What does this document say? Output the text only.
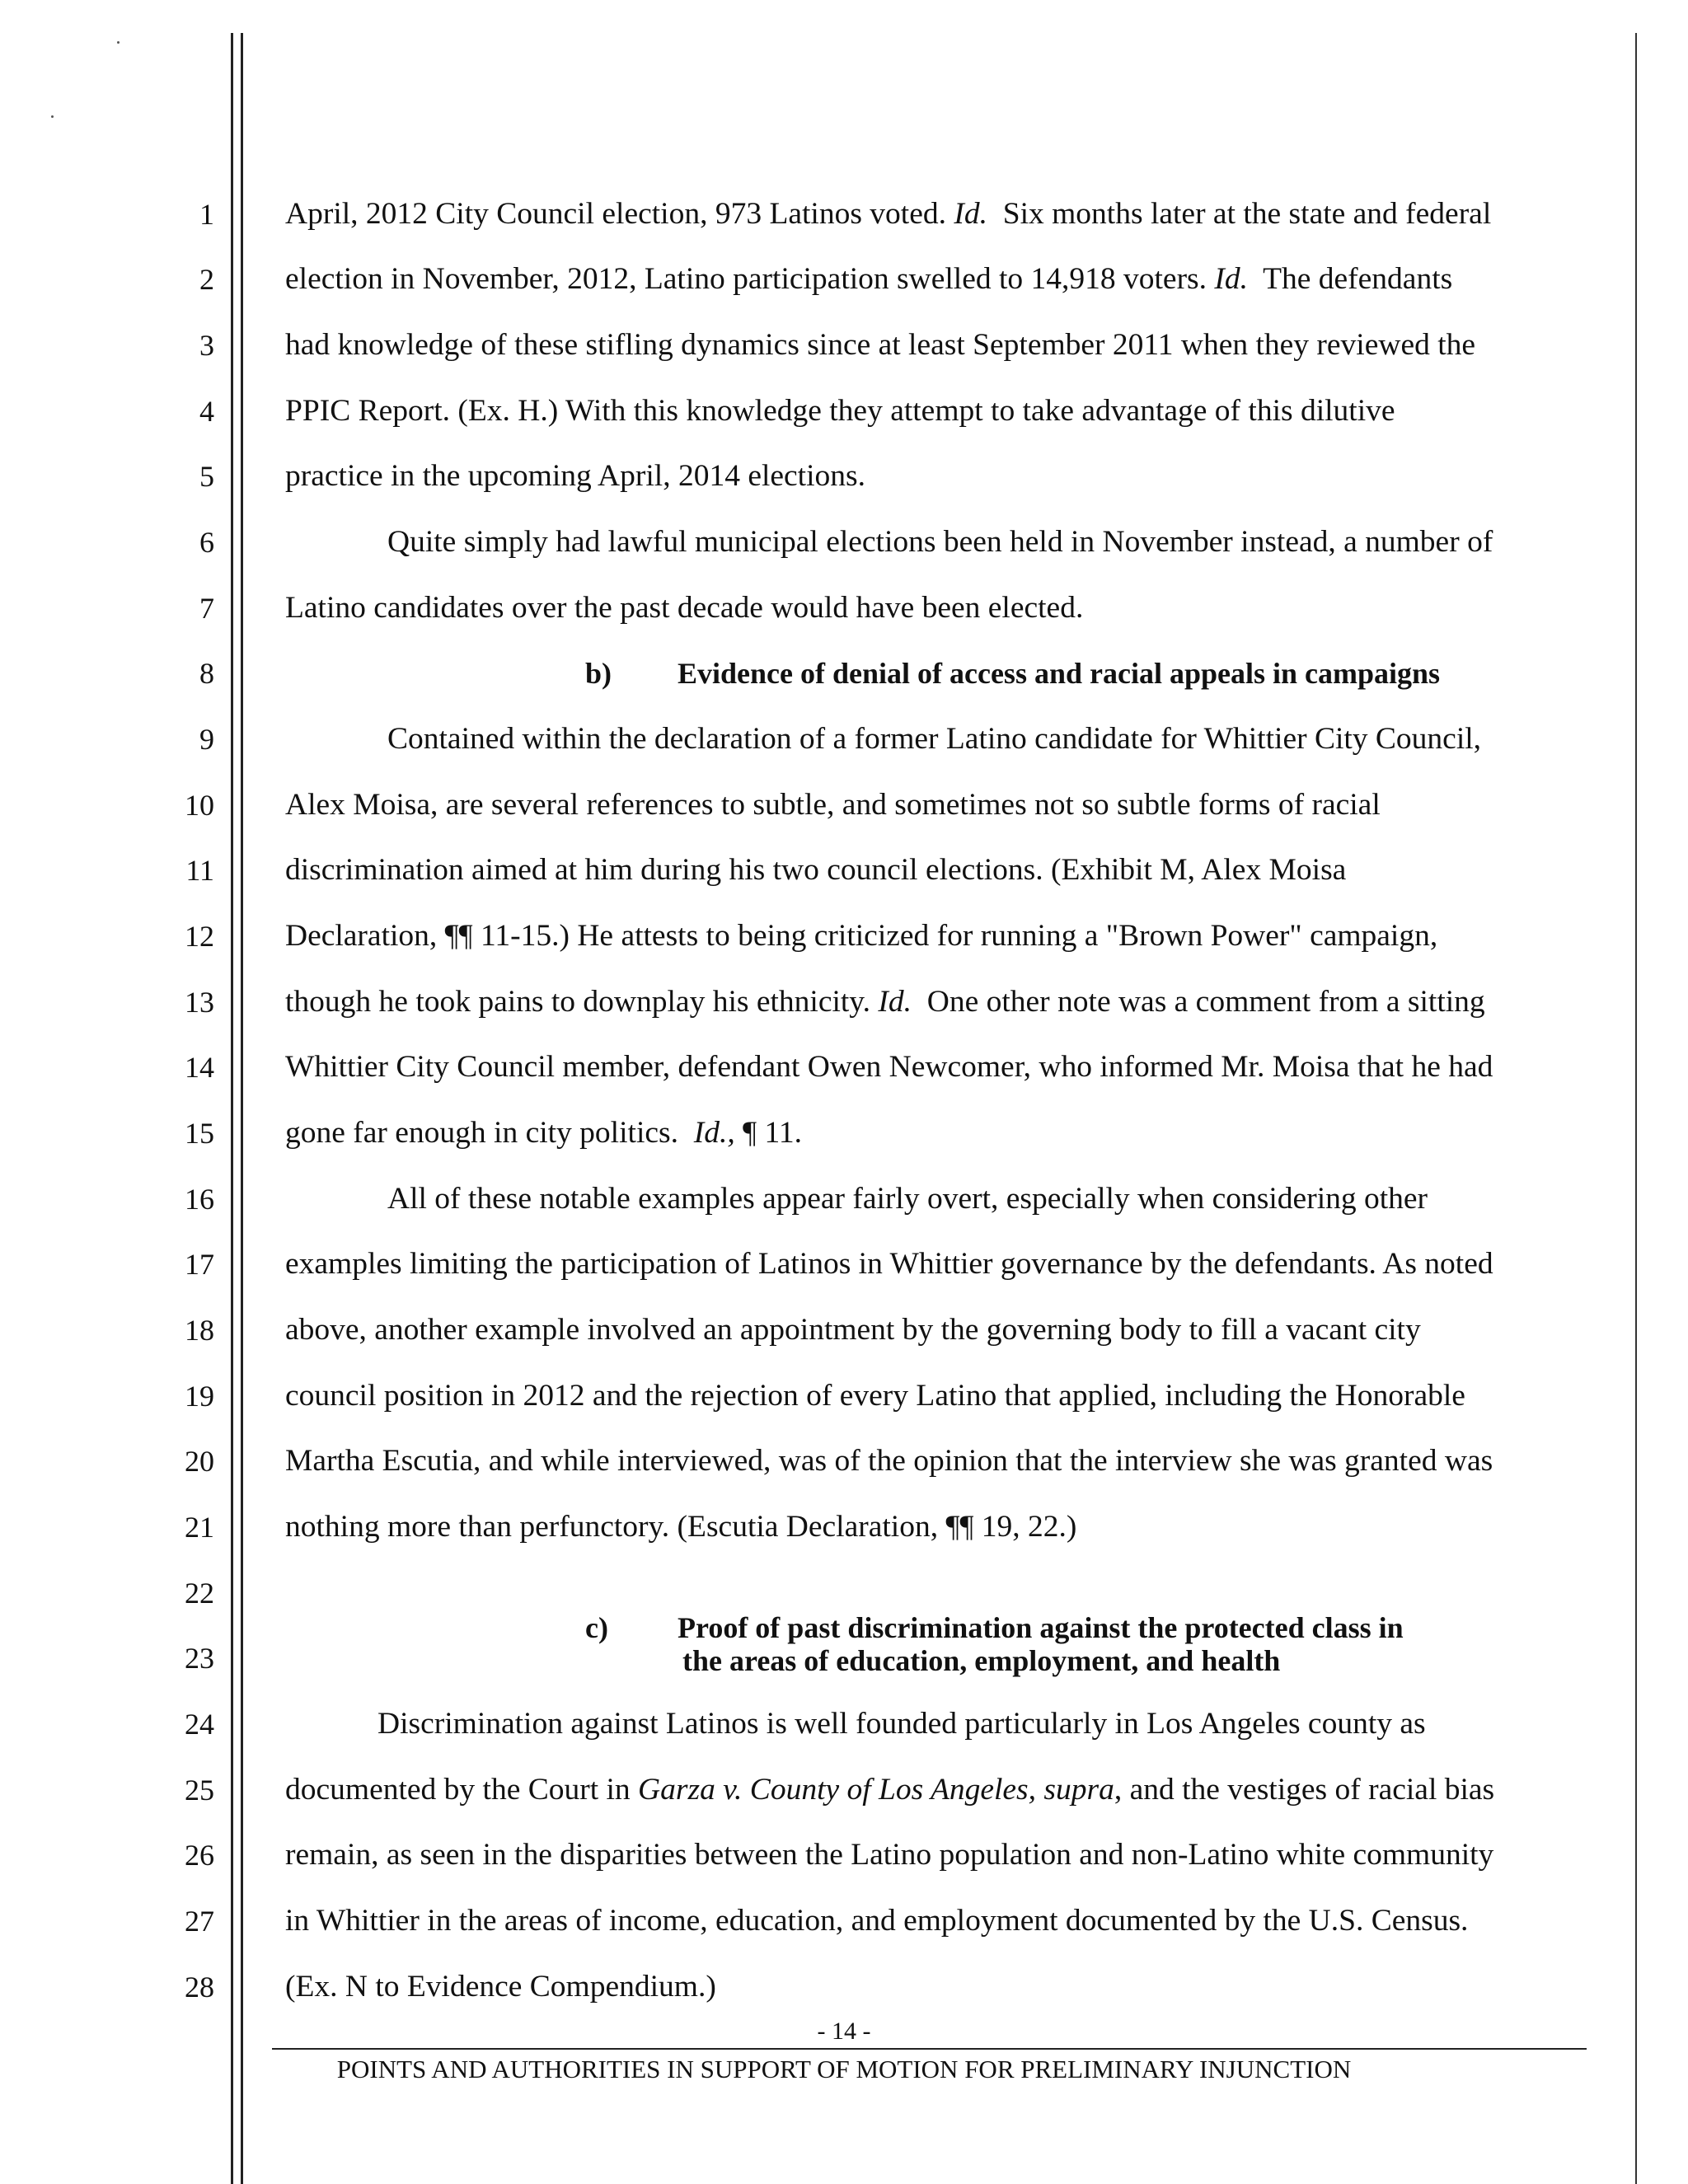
1
2
3
4
5
6
7
8
9
10
11
12
13
14
15
16
17
18
19
20
21
22
23
24
25
26
27
28
April, 2012 City Council election, 973 Latinos voted. Id. Six months later at the state and federal
election in November, 2012, Latino participation swelled to 14,918 voters. Id. The defendants
had knowledge of these stifling dynamics since at least September 2011 when they reviewed the
PPIC Report. (Ex. H.) With this knowledge they attempt to take advantage of this dilutive
practice in the upcoming April, 2014 elections.
Quite simply had lawful municipal elections been held in November instead, a number of
Latino candidates over the past decade would have been elected.
b) Evidence of denial of access and racial appeals in campaigns
Contained within the declaration of a former Latino candidate for Whittier City Council,
Alex Moisa, are several references to subtle, and sometimes not so subtle forms of racial
discrimination aimed at him during his two council elections. (Exhibit M, Alex Moisa
Declaration, ¶¶ 11-15.) He attests to being criticized for running a "Brown Power" campaign,
though he took pains to downplay his ethnicity. Id. One other note was a comment from a sitting
Whittier City Council member, defendant Owen Newcomer, who informed Mr. Moisa that he had
gone far enough in city politics. Id., ¶ 11.
All of these notable examples appear fairly overt, especially when considering other
examples limiting the participation of Latinos in Whittier governance by the defendants. As noted
above, another example involved an appointment by the governing body to fill a vacant city
council position in 2012 and the rejection of every Latino that applied, including the Honorable
Martha Escutia, and while interviewed, was of the opinion that the interview she was granted was
nothing more than perfunctory. (Escutia Declaration, ¶¶ 19, 22.)
c) Proof of past discrimination against the protected class in
the areas of education, employment, and health
Discrimination against Latinos is well founded particularly in Los Angeles county as
documented by the Court in Garza v. County of Los Angeles, supra, and the vestiges of racial bias
remain, as seen in the disparities between the Latino population and non-Latino white community
in Whittier in the areas of income, education, and employment documented by the U.S. Census.
(Ex. N to Evidence Compendium.)
- 14 -
POINTS AND AUTHORITIES IN SUPPORT OF MOTION FOR PRELIMINARY INJUNCTION
